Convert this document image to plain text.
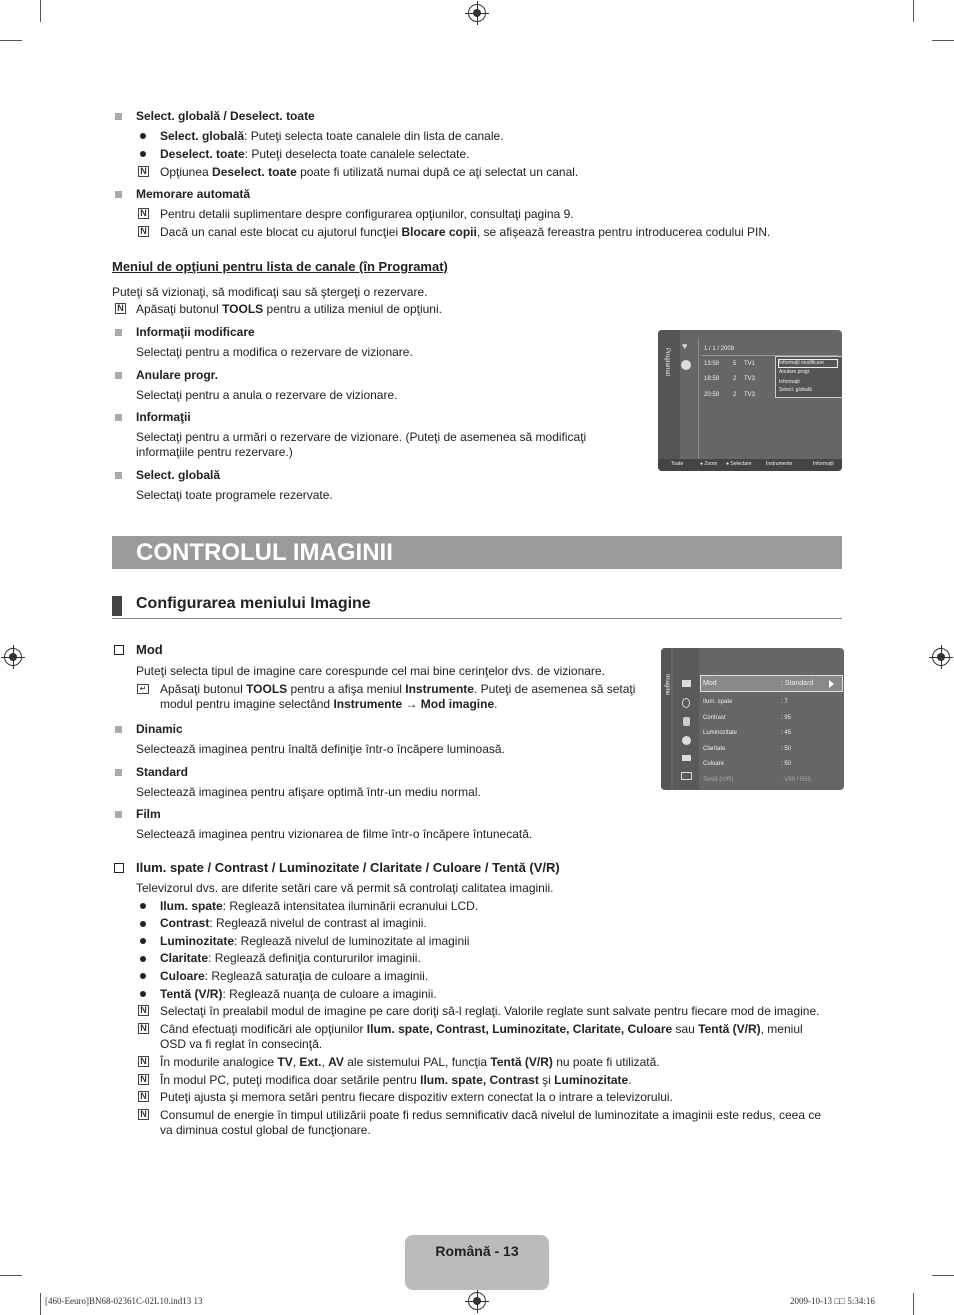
Select. globală / Deselect. toate
Select. globală: Puteţi selecta toate canalele din lista de canale.
Deselect. toate: Puteţi deselecta toate canalele selectate.
N
Opţiunea Deselect. toate poate fi utilizată numai după ce aţi selectat un canal.
Memorare automată
N
Pentru detalii suplimentare despre configurarea opţiunilor, consultaţi pagina 9.
N
Dacă un canal este blocat cu ajutorul funcţiei Blocare copii, se afişează fereastra pentru introducerea codului PIN.
Meniul de opţiuni pentru lista de canale (în Programat)
Puteţi să vizionaţi, să modificaţi sau să ştergeţi o rezervare.
N
Apăsaţi butonul TOOLS pentru a utiliza meniul de opţiuni.
Informaţii modificare
Selectaţi pentru a modifica o rezervare de vizionare.
Anulare progr.
Selectaţi pentru a anula o rezervare de vizionare.
Informaţii
Selectaţi pentru a urmări o rezervare de vizionare. (Puteţi de asemenea să modificaţi
informaţiile pentru rezervare.)
Select. globală
Selectaţi toate programele rezervate.
Programat
♥	1 / 1 / 2009
13:59 5 TV1
18:59 2 TV3
20:59 2 TV3
Informaţii modificare
Anulare progr.
Informaţii
Select. globală
Toate	● Zoom ● Selectare	Instrumente	Informaţii
CONTROLUL IMAGINII
Configurarea meniului Imagine
Mod
Puteţi selecta tipul de imagine care corespunde cel mai bine cerinţelor dvs. de vizionare.
↵ Apăsaţi butonul TOOLS pentru a afişa meniul Instrumente. Puteţi de asemenea să setaţi
modul pentru imagine selectând Instrumente → Mod imagine.
Dinamic
Selectează imaginea pentru înaltă definiţie într-o încăpere luminoasă.
Standard
Selectează imaginea pentru afişare optimă într-un mediu normal.
Film
Selectează imaginea pentru vizionarea de filme într-o încăpere întunecată.
Imagine	Mod	: Standard
Ilum. spate	: 7
Contrast	: 95
Luminozitate	: 45
Claritate	: 50
Culoare	: 50
Tentă (V/R)	: V50 / R50
Ilum. spate / Contrast / Luminozitate / Claritate / Culoare / Tentă (V/R)
Televizorul dvs. are diferite setări care vă permit să controlaţi calitatea imaginii.
Ilum. spate: Reglează intensitatea iluminării ecranului LCD.
Contrast: Reglează nivelul de contrast al imaginii.
Luminozitate: Reglează nivelul de luminozitate al imaginii
Claritate: Reglează definiţia contururilor imaginii.
Culoare: Reglează saturaţia de culoare a imaginii.
Tentă (V/R): Reglează nuanţa de culoare a imaginii.
N
Selectaţi în prealabil modul de imagine pe care doriţi să-l reglaţi. Valorile reglate sunt salvate pentru fiecare mod de imagine.
N
Când efectuaţi modificări ale opţiunilor Ilum. spate, Contrast, Luminozitate, Claritate, Culoare sau Tentă (V/R), meniul
OSD va fi reglat în consecinţă.
N
În modurile analogice TV, Ext., AV ale sistemului PAL, funcţia Tentă (V/R) nu poate fi utilizată.
N
În modul PC, puteţi modifica doar setările pentru Ilum. spate, Contrast şi Luminozitate.
N
Puteţi ajusta şi memora setări pentru fiecare dispozitiv extern conectat la o intrare a televizorului.
N
Consumul de energie în timpul utilizării poate fi redus semnificativ dacă nivelul de luminozitate a imaginii este redus, ceea ce
va diminua costul global de funcţionare.
Română - 13
[460-Eeuro]BN68-02361C-02L10.ind13 13	2009-10-13 □□ 5:34:16
